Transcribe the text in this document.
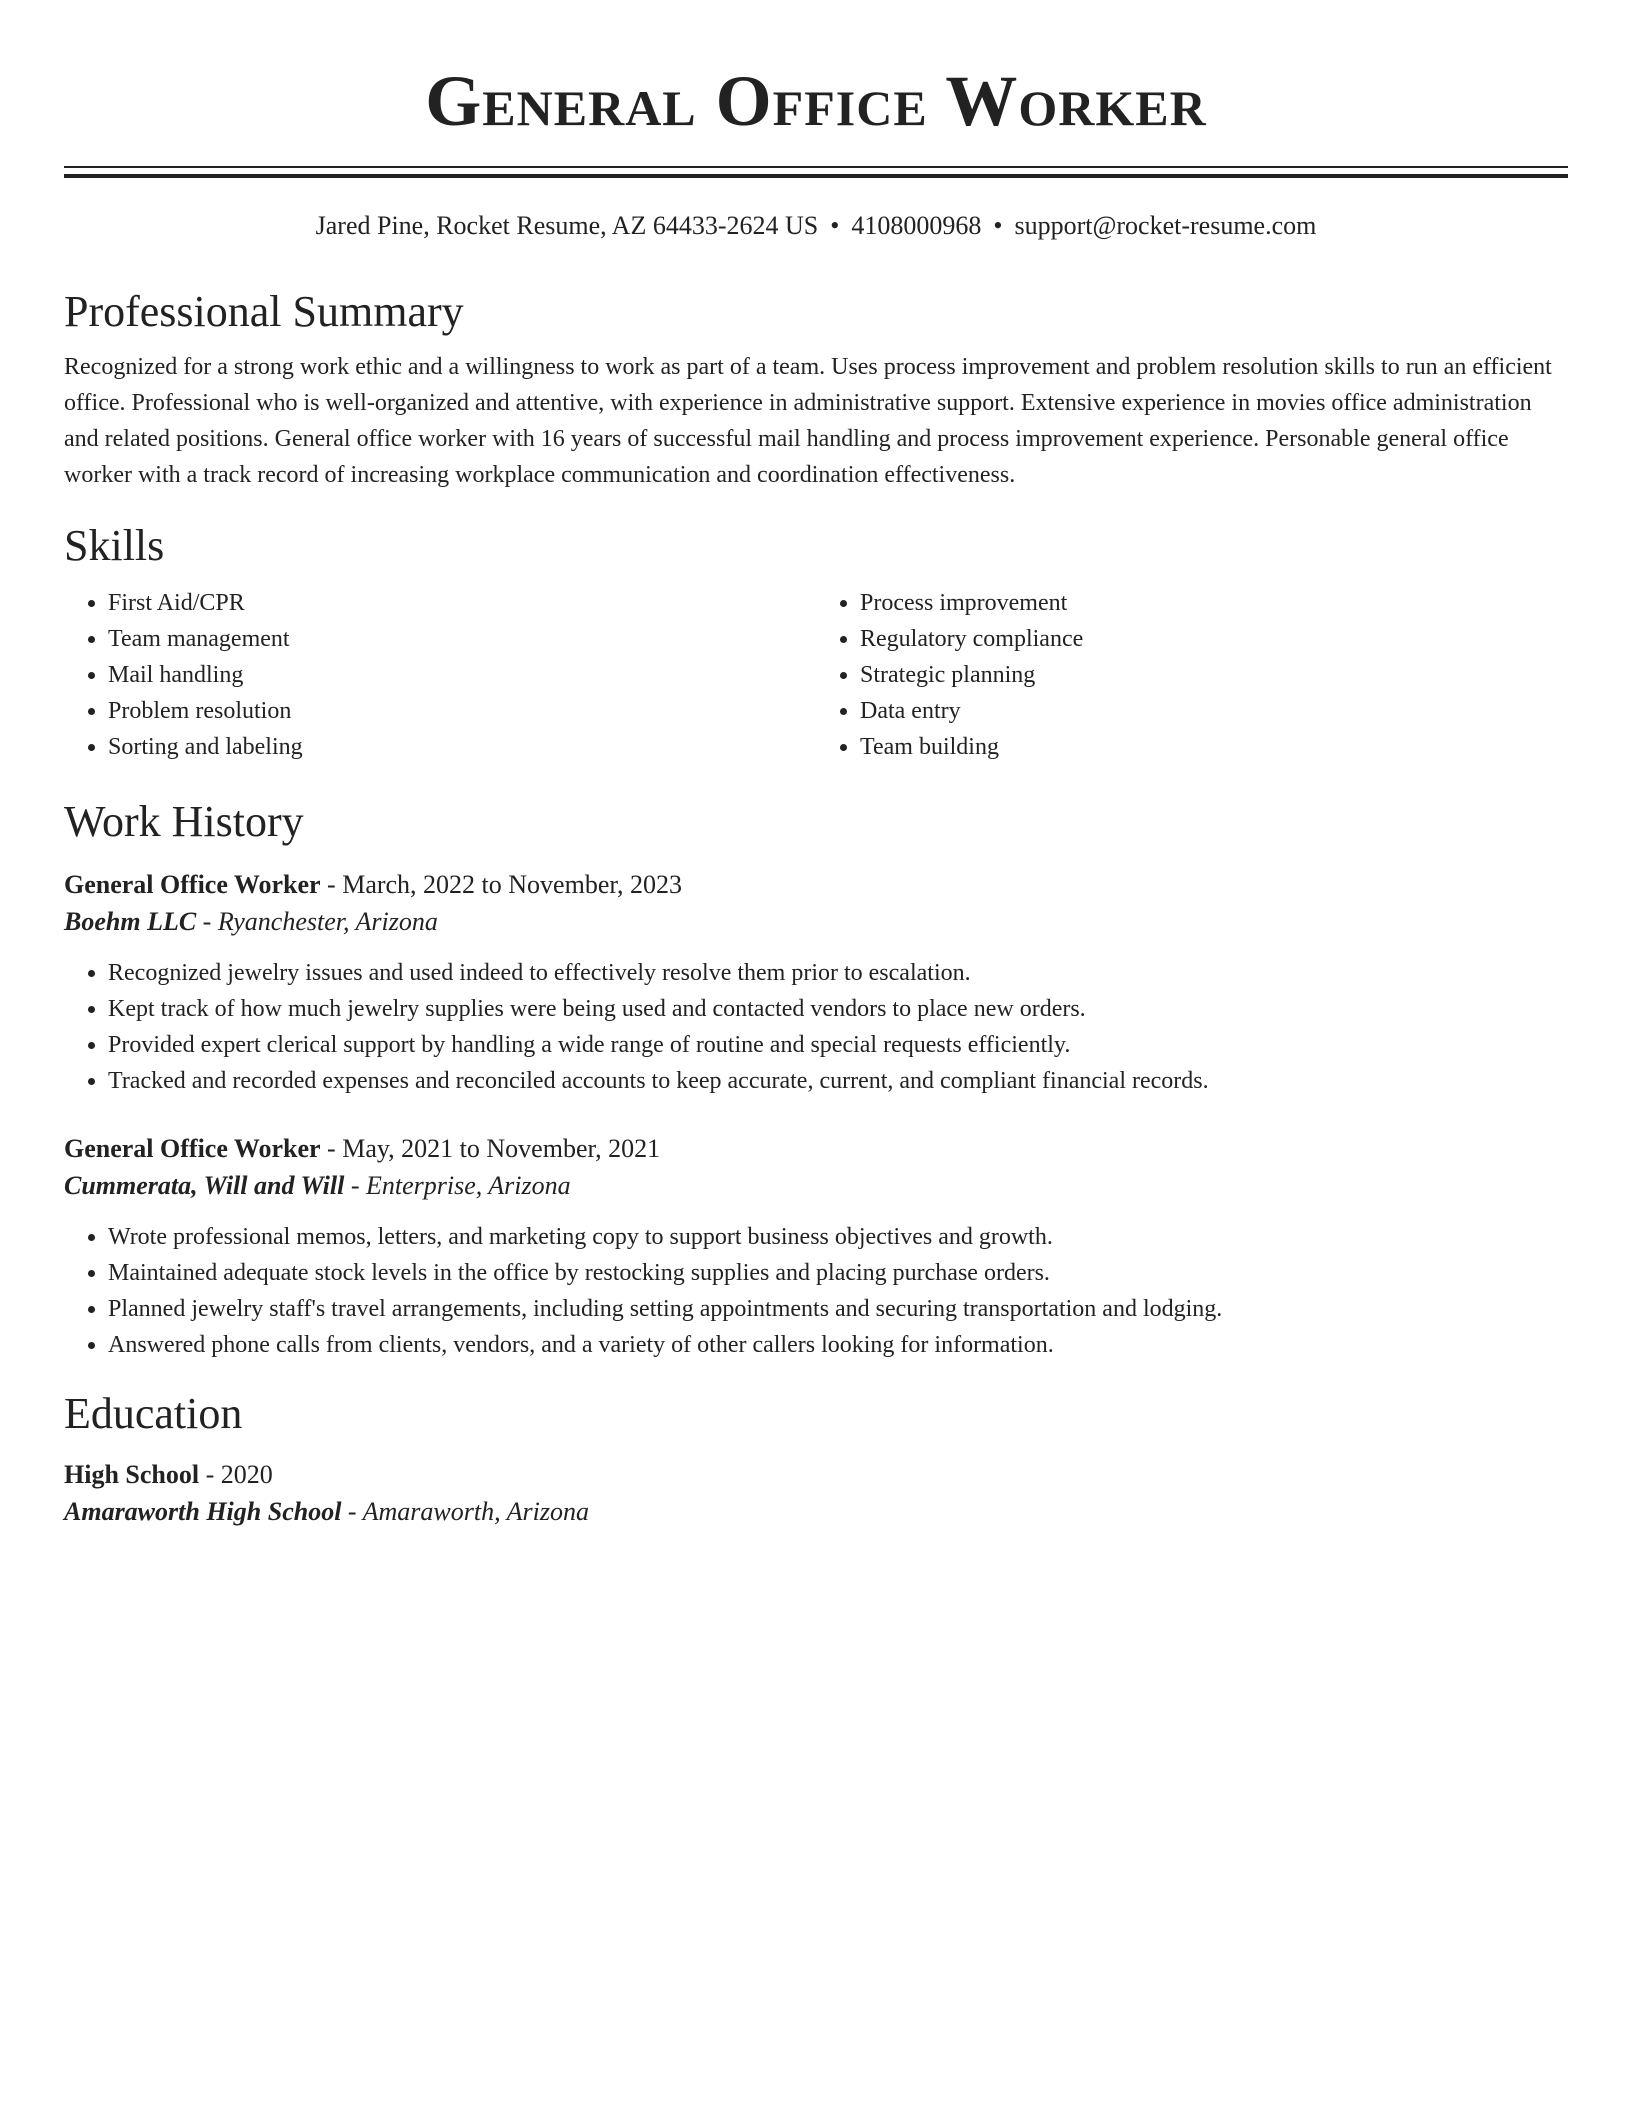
General Office Worker
Jared Pine, Rocket Resume, AZ 64433-2624 US • 4108000968 • support@rocket-resume.com
Professional Summary

Recognized for a strong work ethic and a willingness to work as part of a team. Uses process improvement and problem resolution skills to run an efficient office. Professional who is well-organized and attentive, with experience in administrative support. Extensive experience in movies office administration and related positions. General office worker with 16 years of successful mail handling and process improvement experience. Personable general office worker with a track record of increasing workplace communication and coordination effectiveness.

Skills
• First Aid/CPR
• Team management
• Mail handling
• Problem resolution
• Sorting and labeling
• Process improvement
• Regulatory compliance
• Strategic planning
• Data entry
• Team building
Work History
General Office Worker - March, 2022 to November, 2023
Boehm LLC - Ryanchester, Arizona
• Recognized jewelry issues and used indeed to effectively resolve them prior to escalation.
• Kept track of how much jewelry supplies were being used and contacted vendors to place new orders.
• Provided expert clerical support by handling a wide range of routine and special requests efficiently.
• Tracked and recorded expenses and reconciled accounts to keep accurate, current, and compliant financial records.
General Office Worker - May, 2021 to November, 2021
Cummerata, Will and Will - Enterprise, Arizona
• Wrote professional memos, letters, and marketing copy to support business objectives and growth.
• Maintained adequate stock levels in the office by restocking supplies and placing purchase orders.
• Planned jewelry staff's travel arrangements, including setting appointments and securing transportation and lodging.
• Answered phone calls from clients, vendors, and a variety of other callers looking for information.
Education
High School - 2020
Amaraworth High School - Amaraworth, Arizona
